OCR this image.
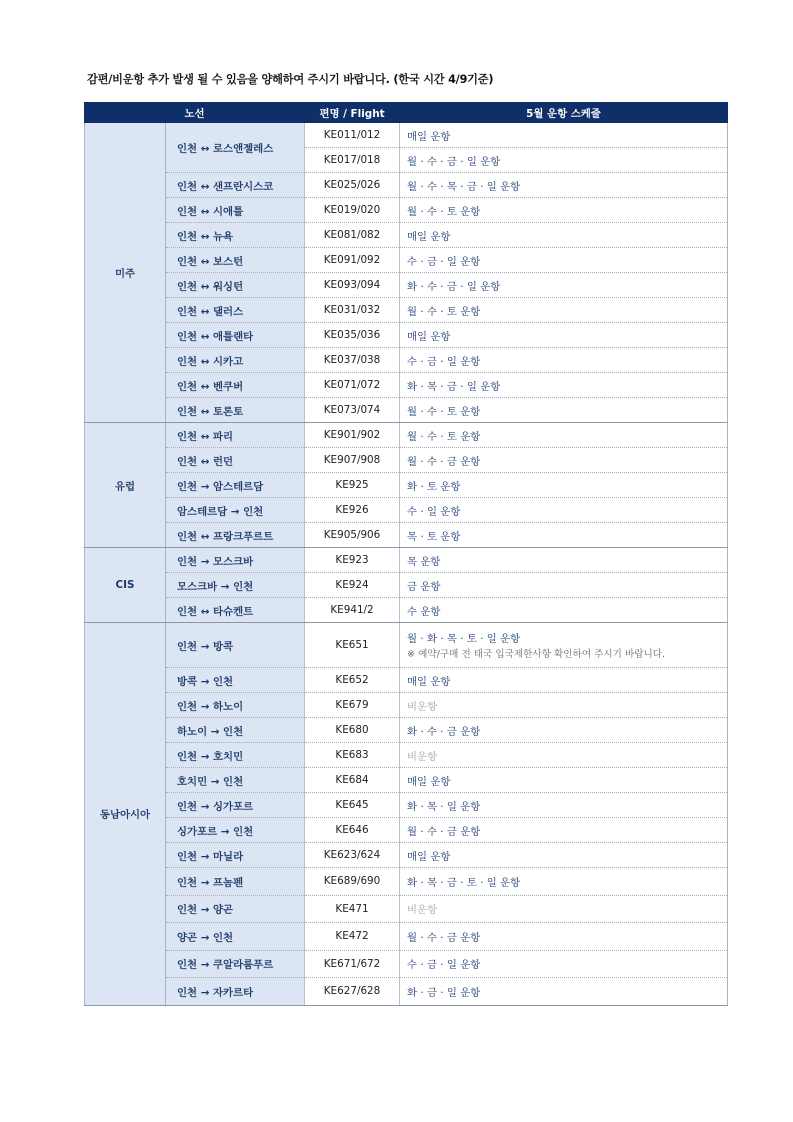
감편/비운항 추가 발생 될 수 있음을 양해하여 주시기 바랍니다. (한국 시간 4/9기준)
노선		편명 / Flight	5월 운항 스케줄
미주	인천 ↔ 로스앤젤레스	KE011/012	매일 운항
		KE017/018	월 · 수 · 금 · 일 운항
	인천 ↔ 샌프란시스코	KE025/026	월 · 수 · 목 · 금 · 일 운항
	인천 ↔ 시애틀	KE019/020	월 · 수 · 토 운항
	인천 ↔ 뉴욕	KE081/082	매일 운항
	인천 ↔ 보스턴	KE091/092	수 · 금 · 일 운항
	인천 ↔ 워싱턴	KE093/094	화 · 수 · 금 · 일 운항
	인천 ↔ 댈러스	KE031/032	월 · 수 · 토 운항
	인천 ↔ 애틀랜타	KE035/036	매일 운항
	인천 ↔ 시카고	KE037/038	수 · 금 · 일 운항
	인천 ↔ 벤쿠버	KE071/072	화 · 목 · 금 · 일 운항
	인천 ↔ 토론토	KE073/074	월 · 수 · 토 운항
유럽	인천 ↔ 파리	KE901/902	월 · 수 · 토 운항
	인천 ↔ 런던	KE907/908	월 · 수 · 금 운항
	인천 → 암스테르담	KE925	화 · 토 운항
	암스테르담 → 인천	KE926	수 · 일 운항
	인천 ↔ 프랑크푸르트	KE905/906	목 · 토 운항
CIS	인천 → 모스크바	KE923	목 운항
	모스크바 → 인천	KE924	금 운항
	인천 ↔ 타슈켄트	KE941/2	수 운항
동남아시아	인천 → 방콕	KE651	월 · 화 · 목 · 토 · 일 운항
※ 예약/구매 전 태국 입국제한사항 확인하여 주시기 바랍니다.

	방콕 → 인천	KE652	매일 운항
	인천 → 하노이	KE679	비운항
	하노이 → 인천	KE680	화 · 수 · 금 운항
	인천 → 호치민	KE683	비운항
	호치민 → 인천	KE684	매일 운항
	인천 → 싱가포르	KE645	화 · 목 · 일 운항
	싱가포르 → 인천	KE646	월 · 수 · 금 운항
	인천 → 마닐라	KE623/624	매일 운항
	인천 → 프놈펜	KE689/690	화 · 목 · 금 · 토 · 일 운항
	인천 → 양곤	KE471	비운항
	양곤 → 인천	KE472	월 · 수 · 금 운항
	인천 → 쿠알라룸푸르	KE671/672	수 · 금 · 일 운항
	인천 → 자카르타	KE627/628	화 · 금 · 일 운항
